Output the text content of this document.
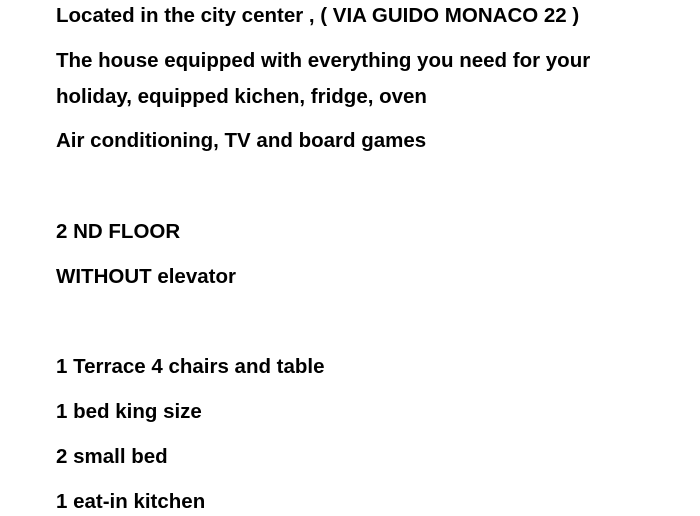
Located in the city center , ( VIA GUIDO MONACO 22 )

The house equipped with everything you need for your

holiday, equipped kichen, fridge, oven

Air conditioning, TV and board games

2 ND FLOOR

WITHOUT elevator

1 Terrace 4 chairs and table

1 bed king size

2 small bed

1 eat-in kitchen
